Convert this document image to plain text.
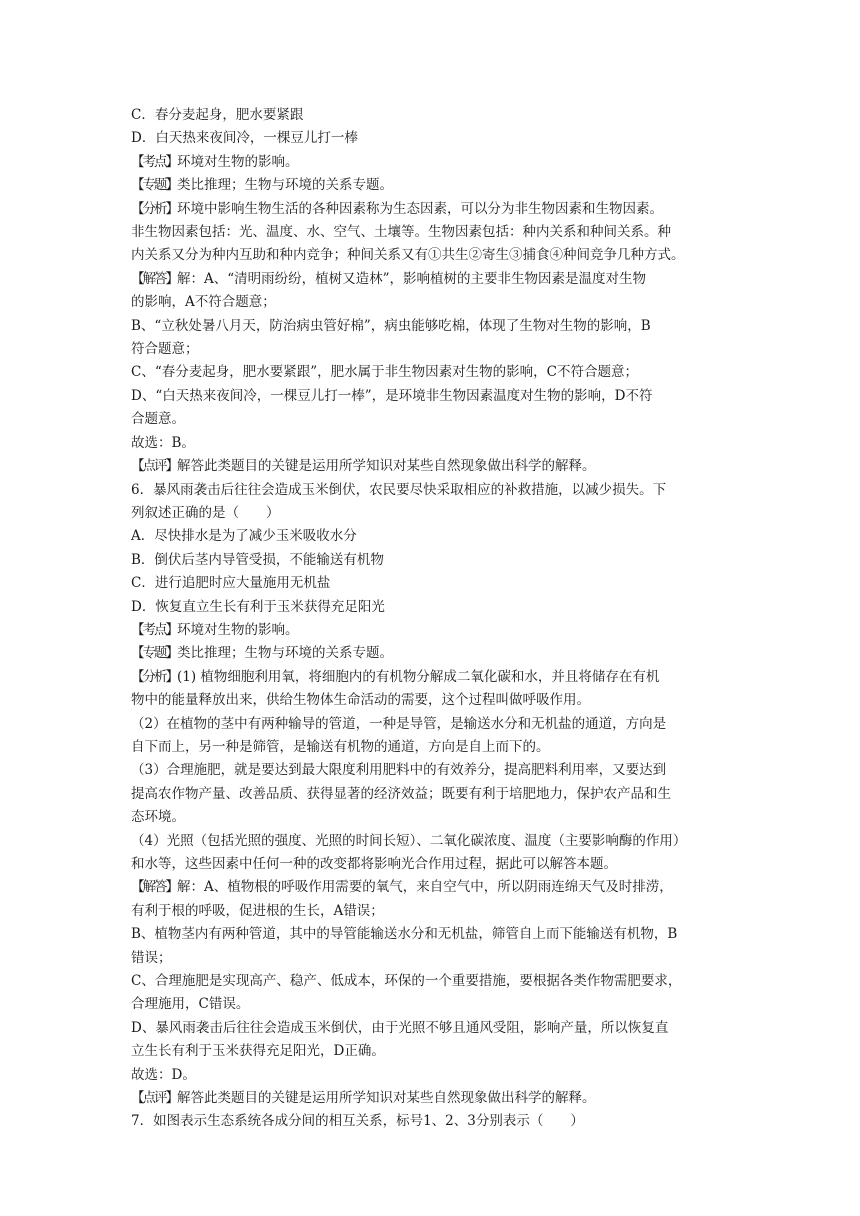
C．春分麦起身，肥水要紧跟
D．白天热来夜间冷，一棵豆儿打一棒
【考点】环境对生物的影响。
【专题】类比推理；生物与环境的关系专题。
【分析】环境中影响生物生活的各种因素称为生态因素，可以分为非生物因素和生物因素。
非生物因素包括：光、温度、水、空气、土壤等。生物因素包括：种内关系和种间关系。种
内关系又分为种内互助和种内竞争；种间关系又有①共生②寄生③捕食④种间竞争几种方式。
【解答】解：A、“清明雨纷纷，植树又造林”，影响植树的主要非生物因素是温度对生物
的影响，A不符合题意；
B、“立秋处暑八月天，防治病虫管好棉”，病虫能够吃棉，体现了生物对生物的影响，B
符合题意；
C、“春分麦起身，肥水要紧跟”，肥水属于非生物因素对生物的影响，C不符合题意；
D、“白天热来夜间冷，一棵豆儿打一棒”，是环境非生物因素温度对生物的影响，D不符
合题意。
故选：B。
【点评】解答此类题目的关键是运用所学知识对某些自然现象做出科学的解释。
6．暴风雨袭击后往往会造成玉米倒伏，农民要尽快采取相应的补救措施，以减少损失。下
列叙述正确的是（　　）
A．尽快排水是为了减少玉米吸收水分
B．倒伏后茎内导管受损，不能输送有机物
C．进行追肥时应大量施用无机盐
D．恢复直立生长有利于玉米获得充足阳光
【考点】环境对生物的影响。
【专题】类比推理；生物与环境的关系专题。
【分析】(1) 植物细胞利用氧，将细胞内的有机物分解成二氧化碳和水，并且将储存在有机
物中的能量释放出来，供给生物体生命活动的需要，这个过程叫做呼吸作用。
（2）在植物的茎中有两种输导的管道，一种是导管，是输送水分和无机盐的通道，方向是
自下而上，另一种是筛管，是输送有机物的通道，方向是自上而下的。
（3）合理施肥，就是要达到最大限度利用肥料中的有效养分，提高肥料利用率，又要达到
提高农作物产量、改善品质、获得显著的经济效益；既要有利于培肥地力，保护农产品和生
态环境。
（4）光照（包括光照的强度、光照的时间长短）、二氧化碳浓度、温度（主要影响酶的作用）
和水等，这些因素中任何一种的改变都将影响光合作用过程，据此可以解答本题。
【解答】解：A、植物根的呼吸作用需要的氧气，来自空气中，所以阴雨连绵天气及时排涝，
有利于根的呼吸，促进根的生长，A错误；
B、植物茎内有两种管道，其中的导管能输送水分和无机盐，筛管自上而下能输送有机物，B
错误；
C、合理施肥是实现高产、稳产、低成本，环保的一个重要措施，要根据各类作物需肥要求，
合理施用，C错误。
D、暴风雨袭击后往往会造成玉米倒伏，由于光照不够且通风受阻，影响产量，所以恢复直
立生长有利于玉米获得充足阳光，D正确。
故选：D。
【点评】解答此类题目的关键是运用所学知识对某些自然现象做出科学的解释。
7．如图表示生态系统各成分间的相互关系，标号1、2、3分别表示（　　）
